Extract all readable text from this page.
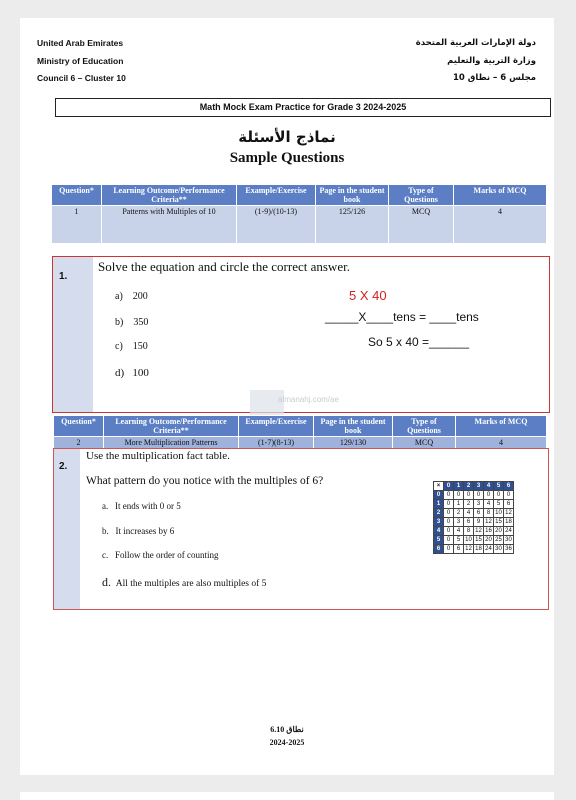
United Arab Emirates
Ministry of Education
Council 6 – Cluster 10
دولة الإمارات العربية المتحدة
وزارة التربية والتعليم
مجلس 6 – نطاق 10
Math Mock Exam Practice for Grade 3 2024-2025
نماذج الأسئلة
Sample Questions
Question*	Learning Outcome/Performance Criteria**	Example/Exercise	Page in the student book	Type of Questions	Marks of MCQ
1	Patterns with Multiples of 10	(1-9)/(10-13)	125/126	MCQ	4
1.
Solve the equation and circle the correct answer.
a) 200
b) 350
c) 150
d) 100
5 X 40
_____X____tens = ____tens
So 5 x 40 =______
almanahj.com/ae
Question*	Learning Outcome/Performance Criteria**	Example/Exercise	Page in the student book	Type of Questions	Marks of MCQ
2	More Multiplication Patterns	(1-7)(8-13)	129/130	MCQ	4
2.
Use the multiplication fact table.
What pattern do you notice with the multiples of 6?
a. It ends with 0 or 5
b. It increases by 6
c. Follow the order of counting
d. All the multiples are also multiples of 5
×	0	1	2	3	4	5	6
0	0	0	0	0	0	0	0
1	0	1	2	3	4	5	6
2	0	2	4	6	8	10	12
3	0	3	6	9	12	15	18
4	0	4	8	12	16	20	24
5	0	5	10	15	20	25	30
6	0	6	12	18	24	30	36
نطاق 6.10
2024-2025
